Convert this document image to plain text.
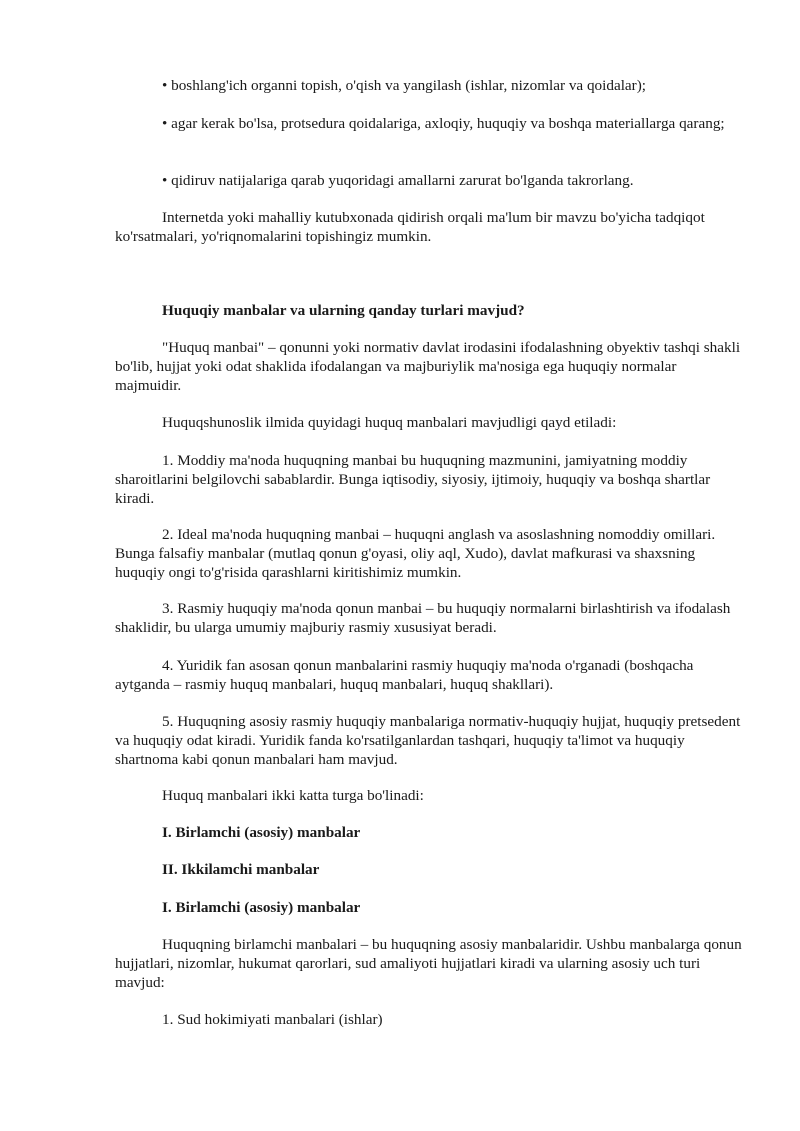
• boshlang'ich organni topish, o'qish va yangilash (ishlar, nizomlar va qoidalar);

• agar kerak bo'lsa, protsedura qoidalariga, axloqiy, huquqiy va boshqa materiallarga qarang;

• qidiruv natijalariga qarab yuqoridagi amallarni zarurat bo'lganda takrorlang.

Internetda yoki mahalliy kutubxonada qidirish orqali ma'lum bir mavzu bo'yicha tadqiqot ko'rsatmalari, yo'riqnomalarini topishingiz mumkin.

Huquqiy manbalar va ularning qanday turlari mavjud?

"Huquq manbai" – qonunni yoki normativ davlat irodasini ifodalashning obyektiv tashqi shakli bo'lib, hujjat yoki odat shaklida ifodalangan va majburiylik ma'nosiga ega huquqiy normalar majmuidir.

Huquqshunoslik ilmida quyidagi huquq manbalari mavjudligi qayd etiladi:

1. Moddiy ma'noda huquqning manbai bu huquqning mazmunini, jamiyatning moddiy sharoitlarini belgilovchi sabablardir. Bunga iqtisodiy, siyosiy, ijtimoiy, huquqiy va boshqa shartlar kiradi.

2. Ideal ma'noda huquqning manbai – huquqni anglash va asoslashning nomoddiy omillari. Bunga falsafiy manbalar (mutlaq qonun g'oyasi, oliy aql, Xudo), davlat mafkurasi va shaxsning huquqiy ongi to'g'risida qarashlarni kiritishimiz mumkin.

3. Rasmiy huquqiy ma'noda qonun manbai – bu huquqiy normalarni birlashtirish va ifodalash shaklidir, bu ularga umumiy majburiy rasmiy xususiyat beradi.

4. Yuridik fan asosan qonun manbalarini rasmiy huquqiy ma'noda o'rganadi (boshqacha aytganda – rasmiy huquq manbalari, huquq manbalari, huquq shakllari).

5. Huquqning asosiy rasmiy huquqiy manbalariga normativ-huquqiy hujjat, huquqiy pretsedent va huquqiy odat kiradi. Yuridik fanda ko'rsatilganlardan tashqari, huquqiy ta'limot va huquqiy shartnoma kabi qonun manbalari ham mavjud.

Huquq manbalari ikki katta turga bo'linadi:

I. Birlamchi (asosiy) manbalar

II. Ikkilamchi manbalar

I. Birlamchi (asosiy) manbalar

Huquqning birlamchi manbalari – bu huquqning asosiy manbalaridir. Ushbu manbalarga qonun hujjatlari, nizomlar, hukumat qarorlari, sud amaliyoti hujjatlari kiradi va ularning asosiy uch turi mavjud:

1. Sud hokimiyati manbalari (ishlar)
